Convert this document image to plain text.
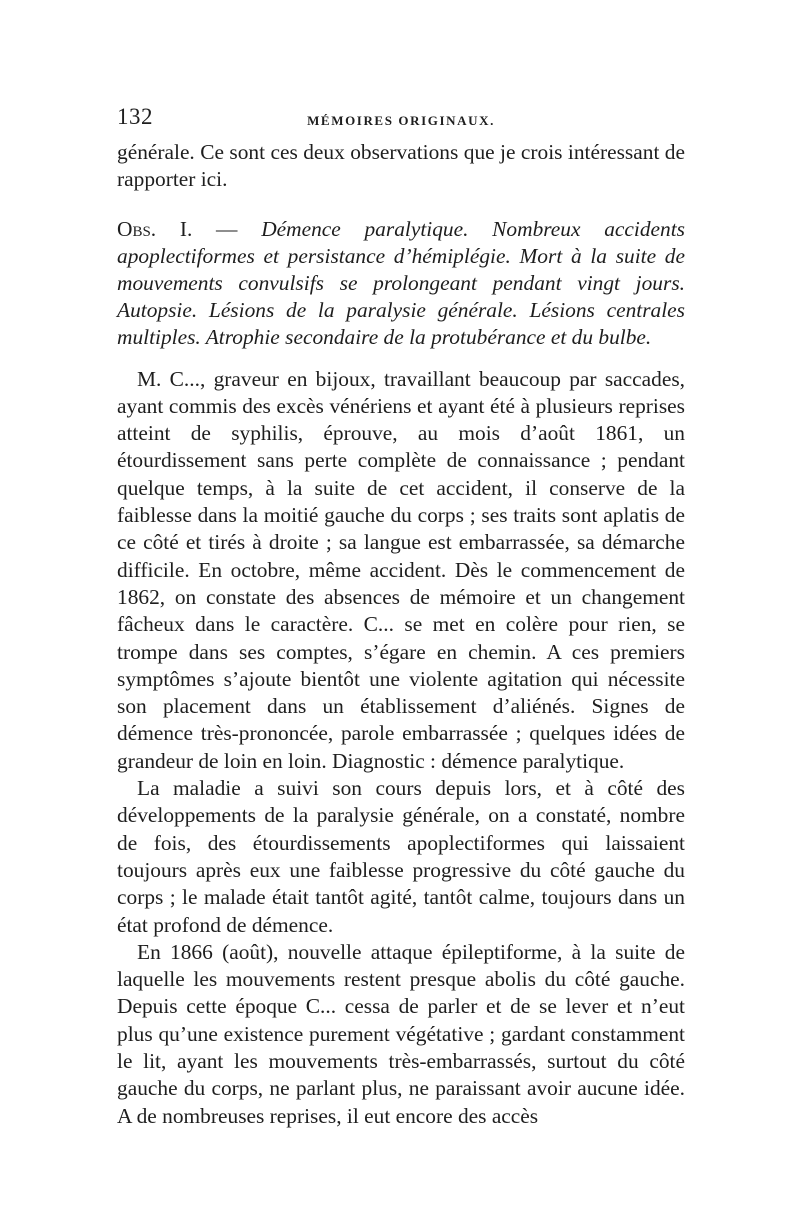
132	MÉMOIRES ORIGINAUX.

générale. Ce sont ces deux observations que je crois intéressant de rapporter ici.

Obs. I. — Démence paralytique. Nombreux accidents apoplectiformes et persistance d’hémiplégie. Mort à la suite de mouvements convulsifs se prolongeant pendant vingt jours. Autopsie. Lésions de la paralysie générale. Lésions centrales multiples. Atrophie secondaire de la protubérance et du bulbe.

M. C..., graveur en bijoux, travaillant beaucoup par saccades, ayant commis des excès vénériens et ayant été à plusieurs reprises atteint de syphilis, éprouve, au mois d’août 1861, un étourdissement sans perte complète de connaissance ; pendant quelque temps, à la suite de cet accident, il conserve de la faiblesse dans la moitié gauche du corps ; ses traits sont aplatis de ce côté et tirés à droite ; sa langue est embarrassée, sa démarche difficile. En octobre, même accident. Dès le commencement de 1862, on constate des absences de mémoire et un changement fâcheux dans le caractère. C... se met en colère pour rien, se trompe dans ses comptes, s’égare en chemin. A ces premiers symptômes s’ajoute bientôt une violente agitation qui nécessite son placement dans un établissement d’aliénés. Signes de démence très-prononcée, parole embarrassée ; quelques idées de grandeur de loin en loin. Diagnostic : démence paralytique.

La maladie a suivi son cours depuis lors, et à côté des développements de la paralysie générale, on a constaté, nombre de fois, des étourdissements apoplectiformes qui laissaient toujours après eux une faiblesse progressive du côté gauche du corps ; le malade était tantôt agité, tantôt calme, toujours dans un état profond de démence.

En 1866 (août), nouvelle attaque épileptiforme, à la suite de laquelle les mouvements restent presque abolis du côté gauche. Depuis cette époque C... cessa de parler et de se lever et n’eut plus qu’une existence purement végétative ; gardant constamment le lit, ayant les mouvements très-embarrassés, surtout du côté gauche du corps, ne parlant plus, ne paraissant avoir aucune idée. A de nombreuses reprises, il eut encore des accès
